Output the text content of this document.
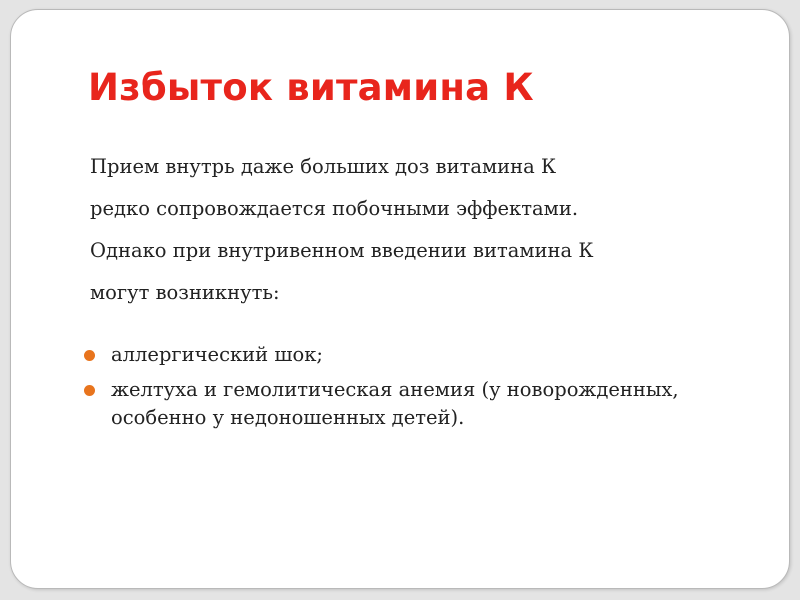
Избыток витамина К

Прием внутрь даже больших доз витамина К
редко сопровождается побочными эффектами.
Однако при внутривенном введении витамина К
могут возникнуть:

аллергический шок;
желтуха и гемолитическая анемия (у новорожденных,
особенно у недоношенных детей).
